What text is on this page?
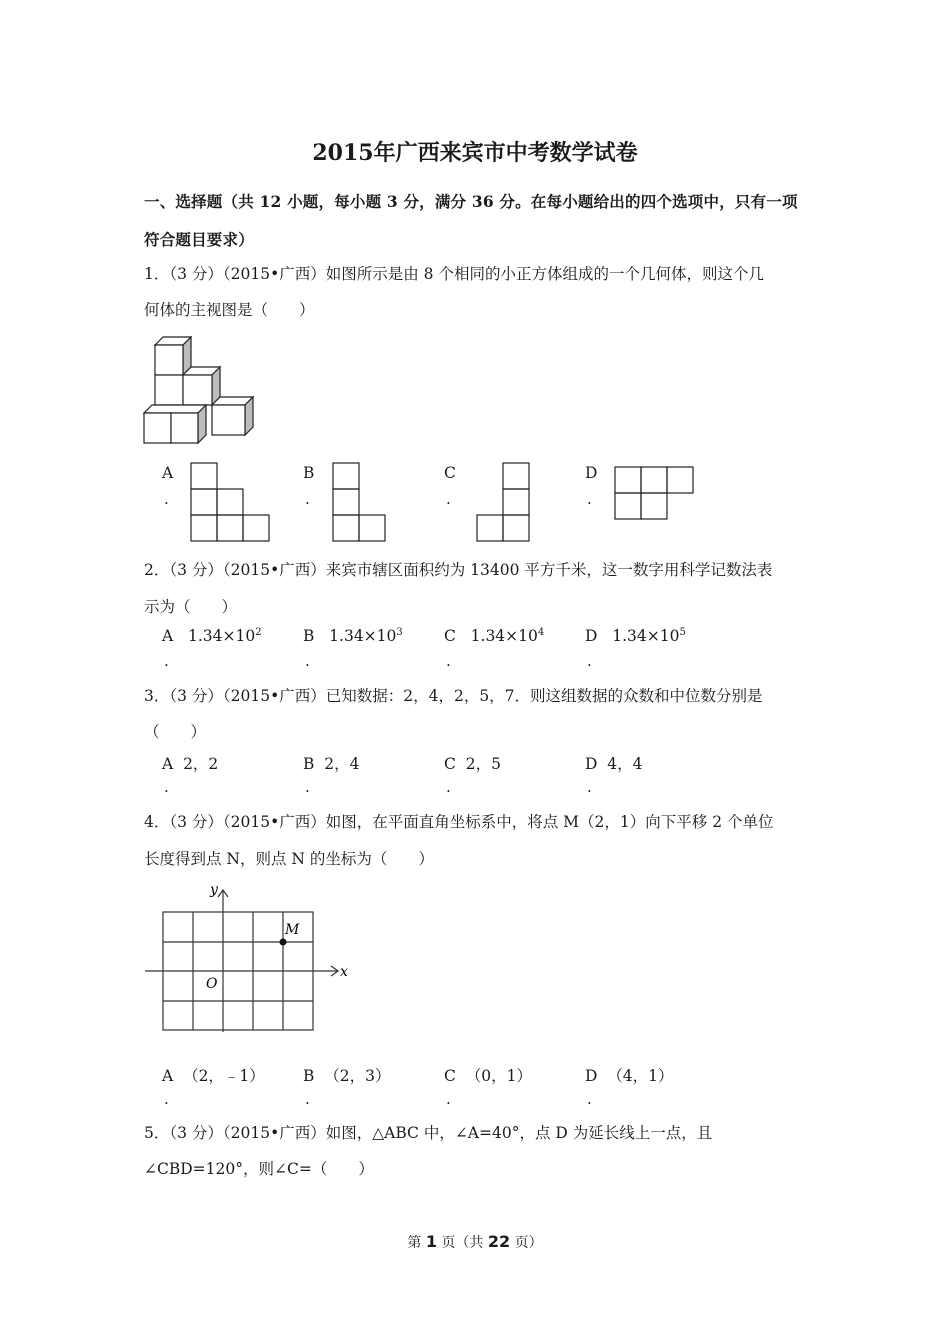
2015年广西来宾市中考数学试卷
一、选择题（共 12 小题，每小题 3 分，满分 36 分。在每小题给出的四个选项中，只有一项
符合题目要求）
1．（3 分）（2015•广西）如图所示是由 8 个相同的小正方体组成的一个几何体，则这个几
何体的主视图是（　　）
A
.
B
.
C
.
D
.
2．（3 分）（2015•广西）来宾市辖区面积约为 13400 平方千米，这一数字用科学记数法表
示为（　　）
A $1.34\times 10^2$	B $1.34\times 10^3$	C $1.34\times 10^4$	D $1.34\times 10^5$
.	.	.	.
3．（3 分）（2015•广西）已知数据：2，4，2，5，7．则这组数据的众数和中位数分别是
（　　）
A 2，2	B 2，4	C 2，5	D 4，4
.	.	.	.
4．（3 分）（2015•广西）如图，在平面直角坐标系中，将点 M（2，1）向下平移 2 个单位
长度得到点 N，则点 N 的坐标为（　　）
y
x
O
M
A （2，﹣1） B （2，3）	C （0，1）	D （4，1）
.	.	.	.
5．（3 分）（2015•广西）如图，△ABC 中，∠A=40°，点 D 为延长线上一点，且
∠CBD=120°，则∠C=（　　）
第 1 页（共 22 页）
